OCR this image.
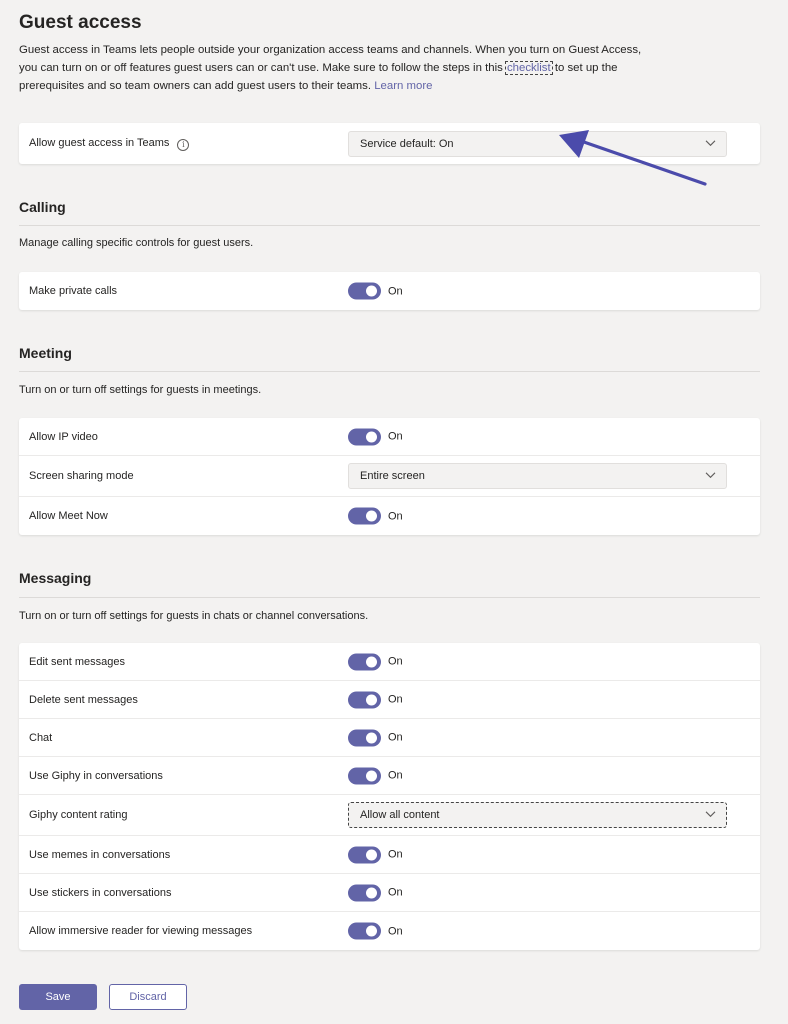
Guest access

Guest access in Teams lets people outside your organization access teams and channels. When you turn on Guest Access, you can turn on or off features guest users can or can't use. Make sure to follow the steps in this checklist to set up the prerequisites and so team owners can add guest users to their teams. Learn more

Allow guest access in Teams i	Service default: On
Calling

Manage calling specific controls for guest users.

Make private calls	On
Meeting

Turn on or turn off settings for guests in meetings.

Allow IP video	On
Screen sharing mode	Entire screen
Allow Meet Now	On
Messaging

Turn on or turn off settings for guests in chats or channel conversations.

Edit sent messages	On
Delete sent messages	On
Chat	On
Use Giphy in conversations	On
Giphy content rating	Allow all content
Use memes in conversations	On
Use stickers in conversations	On
Allow immersive reader for viewing messages	On
Save	Discard
